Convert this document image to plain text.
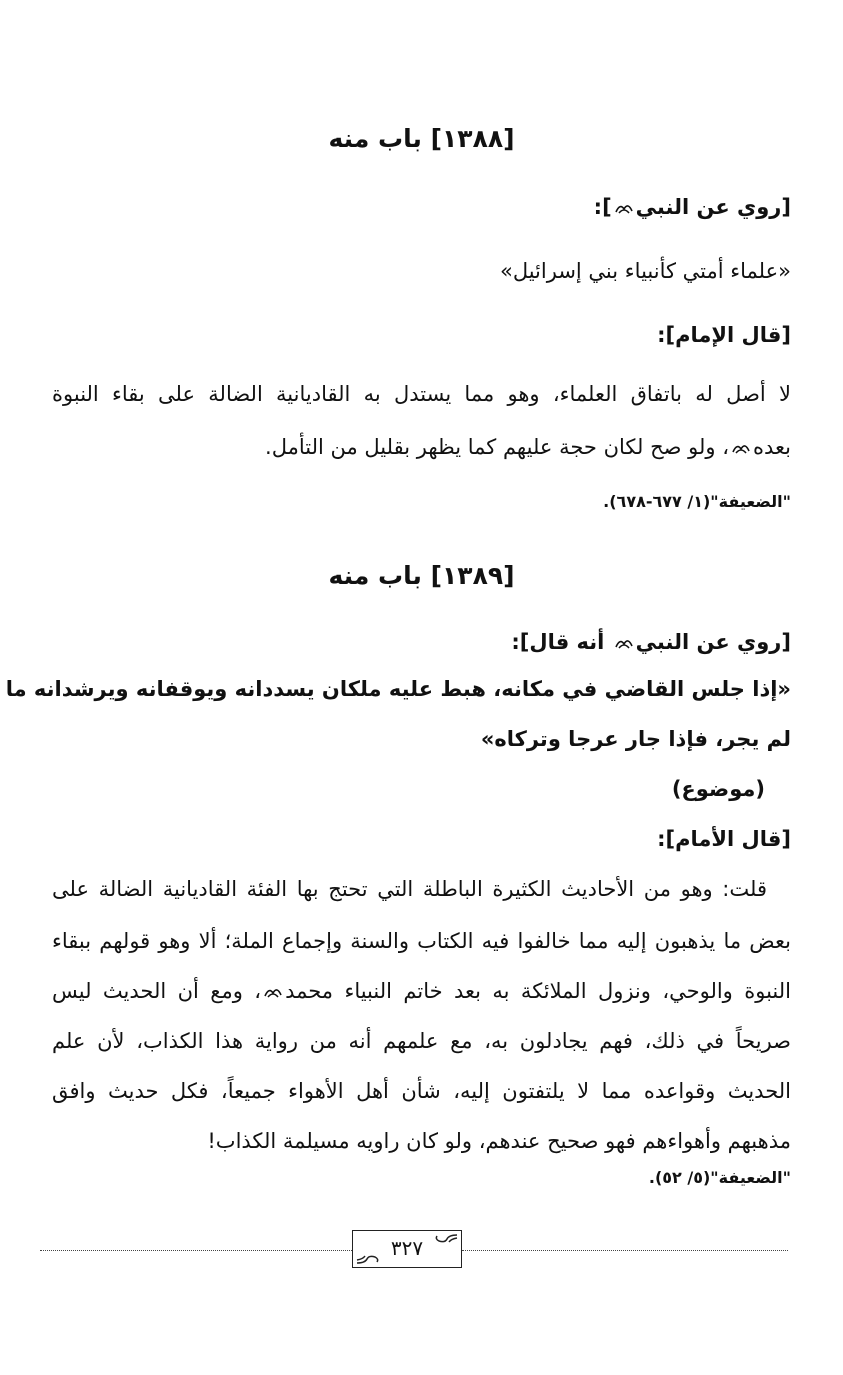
[١٣٨٨] باب منه
[روي عن النبي]:
«علماء أمتي كأنبياء بني إسرائيل»
[قال الإمام]:
لا أصل له باتفاق العلماء، وهو مما يستدل به القاديانية الضالة على بقاء النبوة
بعده، ولو صح لكان حجة عليهم كما يظهر بقليل من التأمل.
"الضعيفة"(١/ ٦٧٧-٦٧٨).
[١٣٨٩] باب منه
[روي عن النبي أنه قال]:
«إذا جلس القاضي في مكانه، هبط عليه ملكان يسددانه ويوقفانه ويرشدانه ما
لم يجر، فإذا جار عرجا وتركاه»
(موضوع)
[قال الأمام]:
قلت: وهو من الأحاديث الكثيرة الباطلة التي تحتج بها الفئة القاديانية الضالة على
بعض ما يذهبون إليه مما خالفوا فيه الكتاب والسنة وإجماع الملة؛ ألا وهو قولهم ببقاء
النبوة والوحي، ونزول الملائكة به بعد خاتم النبياء محمد، ومع أن الحديث ليس
صريحاً في ذلك، فهم يجادلون به، مع علمهم أنه من رواية هذا الكذاب، لأن علم
الحديث وقواعده مما لا يلتفتون إليه، شأن أهل الأهواء جميعاً، فكل حديث وافق
مذهبهم وأهواءهم فهو صحيح عندهم، ولو كان راويه مسيلمة الكذاب!
"الضعيفة"(٥/ ٥٢).
٣٢٧
